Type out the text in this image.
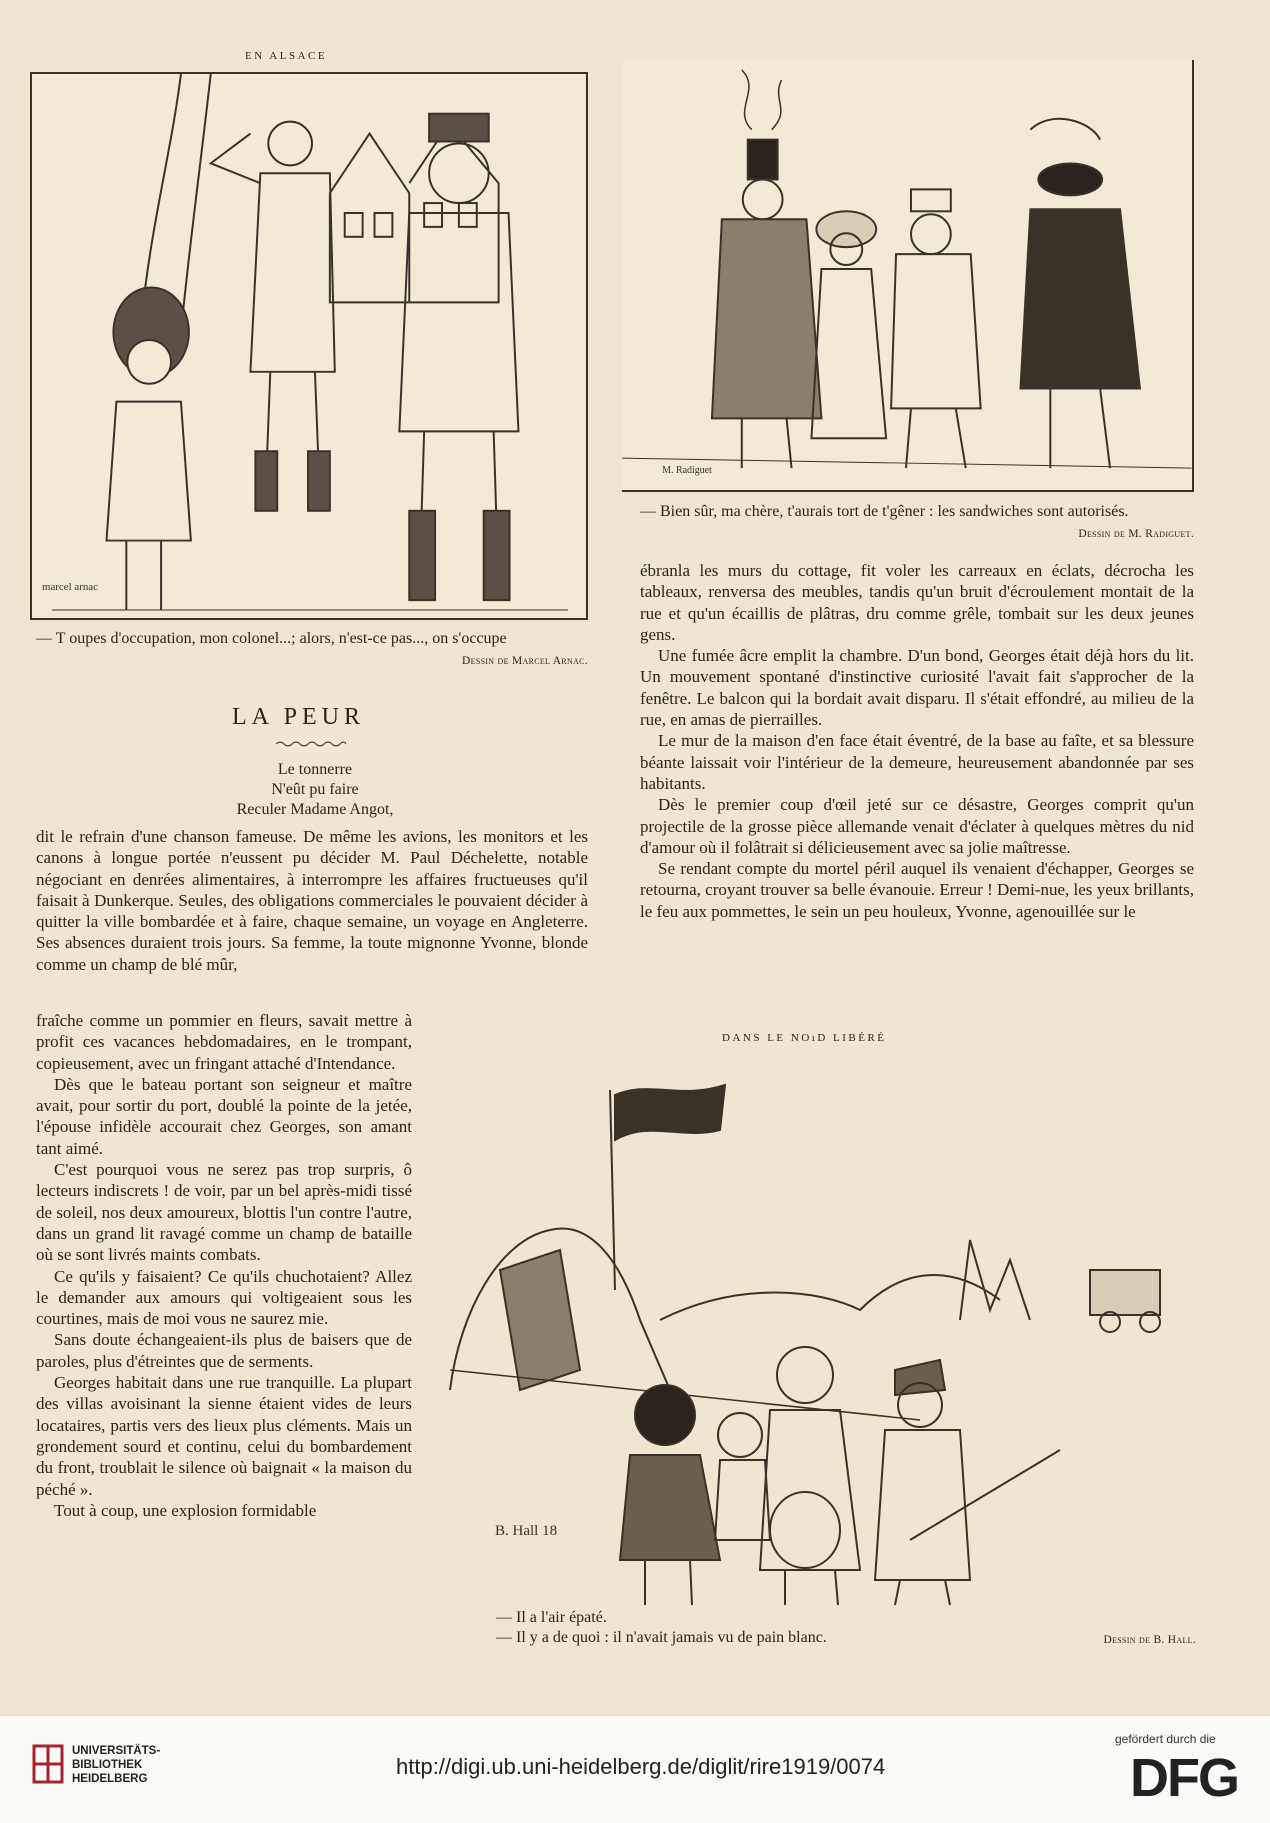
EN ALSACE
marcel arnac
— T oupes d'occupation, mon colonel...; alors, n'est-ce pas..., on s'occupe
Dessin de Marcel Arnac.
M. Radiguet
— Bien sûr, ma chère, t'aurais tort de t'gêner : les sandwiches sont autorisés.
Dessin de M. Radiguet.
LA PEUR
Le tonnerre
N'eût pu faire
Reculer Madame Angot,

dit le refrain d'une chanson fameuse. De même les avions, les monitors et les canons à longue portée n'eussent pu décider M. Paul Déchelette, notable négociant en denrées alimentaires, à interrompre les affaires fructueuses qu'il faisait à Dunkerque. Seules, des obligations commerciales le pouvaient décider à quitter la ville bombardée et à faire, chaque semaine, un voyage en Angleterre. Ses absences duraient trois jours. Sa femme, la toute mignonne Yvonne, blonde comme un champ de blé mûr,

fraîche comme un pommier en fleurs, savait mettre à profit ces vacances hebdomadaires, en le trompant, copieusement, avec un fringant attaché d'Intendance.

Dès que le bateau portant son seigneur et maître avait, pour sortir du port, doublé la pointe de la jetée, l'épouse infidèle accourait chez Georges, son amant tant aimé.

C'est pourquoi vous ne serez pas trop surpris, ô lecteurs indiscrets ! de voir, par un bel après-midi tissé de soleil, nos deux amoureux, blottis l'un contre l'autre, dans un grand lit ravagé comme un champ de bataille où se sont livrés maints combats.

Ce qu'ils y faisaient? Ce qu'ils chuchotaient? Allez le demander aux amours qui voltigeaient sous les courtines, mais de moi vous ne saurez mie.

Sans doute échangeaient-ils plus de baisers que de paroles, plus d'étreintes que de serments.

Georges habitait dans une rue tranquille. La plupart des villas avoisinant la sienne étaient vides de leurs locataires, partis vers des lieux plus cléments. Mais un grondement sourd et continu, celui du bombardement du front, troublait le silence où baignait « la maison du péché ».

Tout à coup, une explosion formidable

ébranla les murs du cottage, fit voler les carreaux en éclats, décrocha les tableaux, renversa des meubles, tandis qu'un bruit d'écroulement montait de la rue et qu'un écaillis de plâtras, dru comme grêle, tombait sur les deux jeunes gens.

Une fumée âcre emplit la chambre. D'un bond, Georges était déjà hors du lit. Un mouvement spontané d'instinctive curiosité l'avait fait s'approcher de la fenêtre. Le balcon qui la bordait avait disparu. Il s'était effondré, au milieu de la rue, en amas de pierrailles.

Le mur de la maison d'en face était éventré, de la base au faîte, et sa blessure béante laissait voir l'intérieur de la demeure, heureusement abandonnée par ses habitants.

Dès le premier coup d'œil jeté sur ce désastre, Georges comprit qu'un projectile de la grosse pièce allemande venait d'éclater à quelques mètres du nid d'amour où il folâtrait si délicieusement avec sa jolie maîtresse.

Se rendant compte du mortel péril auquel ils venaient d'échapper, Georges se retourna, croyant trouver sa belle évanouie. Erreur ! Demi-nue, les yeux brillants, le feu aux pommettes, le sein un peu houleux, Yvonne, agenouillée sur le

DANS LE NOıD LIBÉRÉ
B. Hall 18
— Il a l'air épaté.
— Il y a de quoi : il n'avait jamais vu de pain blanc.	Dessin de B. Hall.
UNIVERSITÄTS-
BIBLIOTHEK
HEIDELBERG	http://digi.ub.uni-heidelberg.de/diglit/rire1919/0074
gefördert durch die
DFG
